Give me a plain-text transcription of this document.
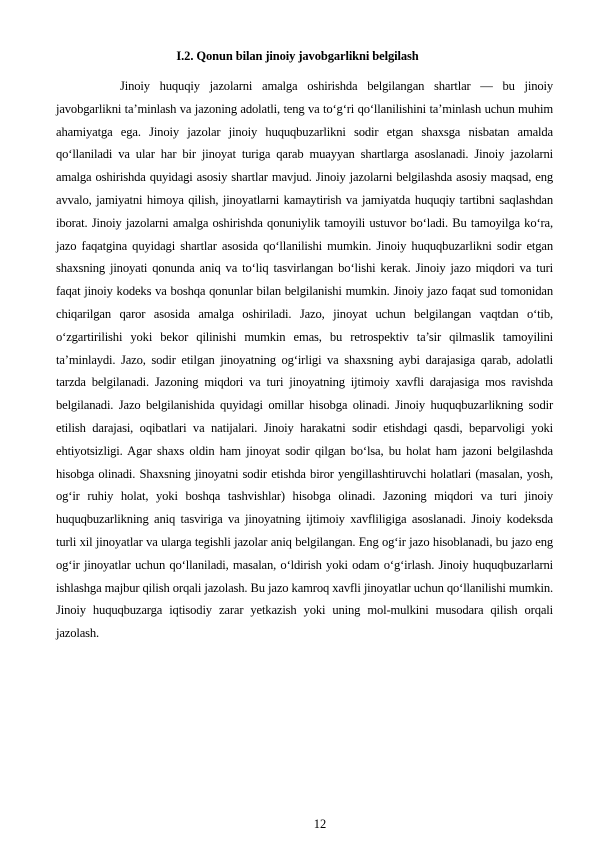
I.2. Qonun bilan jinoiy javobgarlikni belgilash

Jinoiy huquqiy jazolarni amalga oshirishda belgilangan shartlar — bu jinoiy javobgarlikni ta’minlash va jazoning adolatli, teng va to‘g‘ri qo‘llanilishini ta’minlash uchun muhim ahamiyatga ega. Jinoiy jazolar jinoiy huquqbuzarlikni sodir etgan shaxsga nisbatan amalda qo‘llaniladi va ular har bir jinoyat turiga qarab muayyan shartlarga asoslanadi. Jinoiy jazolarni amalga oshirishda quyidagi asosiy shartlar mavjud. Jinoiy jazolarni belgilashda asosiy maqsad, eng avvalo, jamiyatni himoya qilish, jinoyatlarni kamaytirish va jamiyatda huquqiy tartibni saqlashdan iborat. Jinoiy jazolarni amalga oshirishda qonuniylik tamoyili ustuvor bo‘ladi. Bu tamoyilga ko‘ra, jazo faqatgina quyidagi shartlar asosida qo‘llanilishi mumkin. Jinoiy huquqbuzarlikni sodir etgan shaxsning jinoyati qonunda aniq va to‘liq tasvirlangan bo‘lishi kerak. Jinoiy jazo miqdori va turi faqat jinoiy kodeks va boshqa qonunlar bilan belgilanishi mumkin. Jinoiy jazo faqat sud tomonidan chiqarilgan qaror asosida amalga oshiriladi. Jazo, jinoyat uchun belgilangan vaqtdan o‘tib, o‘zgartirilishi yoki bekor qilinishi mumkin emas, bu retrospektiv ta’sir qilmaslik tamoyilini ta’minlaydi. Jazo, sodir etilgan jinoyatning og‘irligi va shaxsning aybi darajasiga qarab, adolatli tarzda belgilanadi. Jazoning miqdori va turi jinoyatning ijtimoiy xavfli darajasiga mos ravishda belgilanadi. Jazo belgilanishida quyidagi omillar hisobga olinadi. Jinoiy huquqbuzarlikning sodir etilish darajasi, oqibatlari va natijalari. Jinoiy harakatni sodir etishdagi qasdi, beparvoligi yoki ehtiyotsizligi. Agar shaxs oldin ham jinoyat sodir qilgan bo‘lsa, bu holat ham jazoni belgilashda hisobga olinadi. Shaxsning jinoyatni sodir etishda biror yengillashtiruvchi holatlari (masalan, yosh, og‘ir ruhiy holat, yoki boshqa tashvishlar) hisobga olinadi. Jazoning miqdori va turi jinoiy huquqbuzarlikning aniq tasviriga va jinoyatning ijtimoiy xavfliligiga asoslanadi. Jinoiy kodeksda turli xil jinoyatlar va ularga tegishli jazolar aniq belgilangan. Eng og‘ir jazo hisoblanadi, bu jazo eng og‘ir jinoyatlar uchun qo‘llaniladi, masalan, o‘ldirish yoki odam o‘g‘irlash. Jinoiy huquqbuzarlarni ishlashga majbur qilish orqali jazolash. Bu jazo kamroq xavfli jinoyatlar uchun qo‘llanilishi mumkin. Jinoiy huquqbuzarga iqtisodiy zarar yetkazish yoki uning mol-mulkini musodara qilish orqali jazolash.

12
